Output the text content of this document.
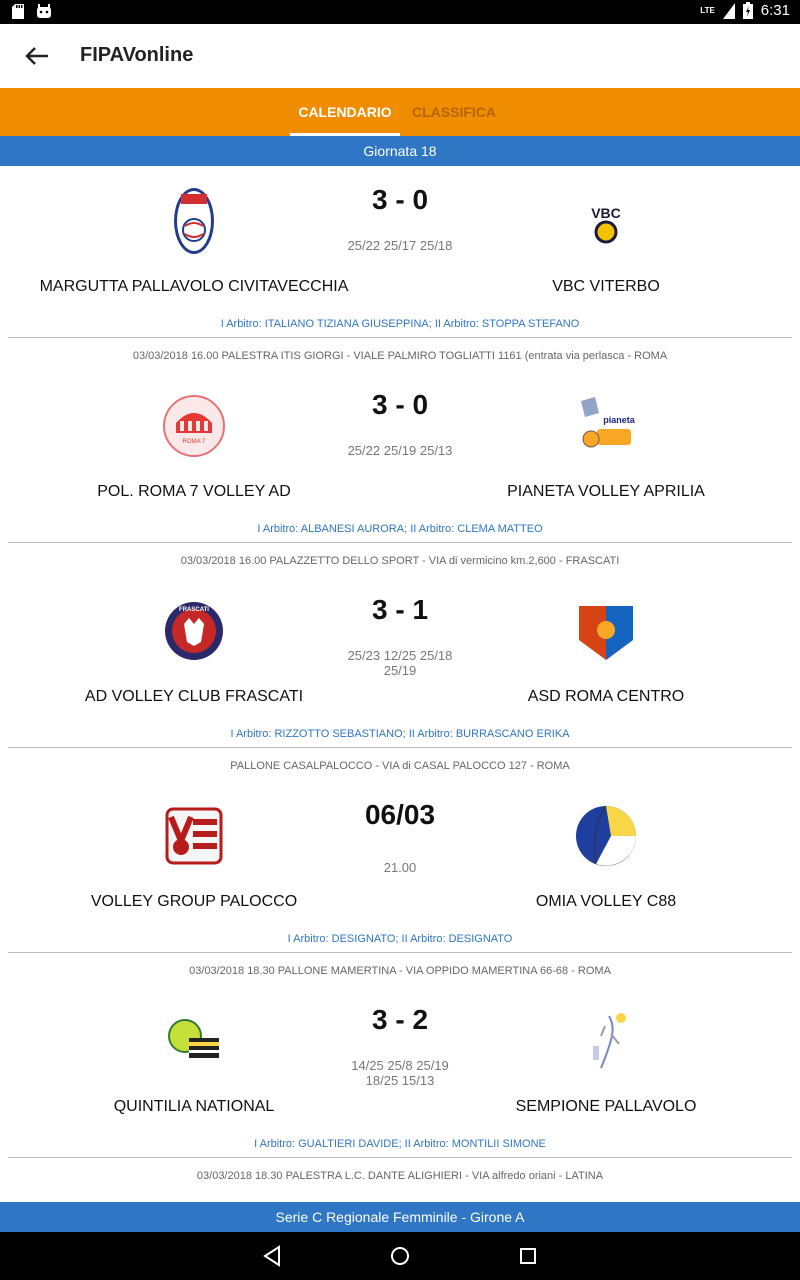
LTE	6:31
FIPAVonline
CALENDARIO	CLASSIFICA
Giornata 18
3 - 0
25/22 25/17 25/18
VBC
MARGUTTA PALLAVOLO CIVITAVECCHIA	VBC VITERBO
I Arbitro: ITALIANO TIZIANA GIUSEPPINA; II Arbitro: STOPPA STEFANO
03/03/2018 16.00 PALESTRA ITIS GIORGI - VIALE PALMIRO TOGLIATTI 1161 (entrata via perlasca - ROMA
ROMA 7
3 - 0
25/22 25/19 25/13
pianeta
POL. ROMA 7 VOLLEY AD	PIANETA VOLLEY APRILIA
I Arbitro: ALBANESI AURORA; II Arbitro: CLEMA MATTEO
03/03/2018 16.00 PALAZZETTO DELLO SPORT - VIA di vermicino km.2,600 - FRASCATI
FRASCATI	3 - 1
25/23 12/25 25/18
25/19
AD VOLLEY CLUB FRASCATI	ASD ROMA CENTRO
I Arbitro: RIZZOTTO SEBASTIANO; II Arbitro: BURRASCANO ERIKA
PALLONE CASALPALOCCO - VIA di CASAL PALOCCO 127 - ROMA
06/03
21.00
VOLLEY GROUP PALOCCO	OMIA VOLLEY C88
I Arbitro: DESIGNATO; II Arbitro: DESIGNATO
03/03/2018 18.30 PALLONE MAMERTINA - VIA OPPIDO MAMERTINA 66-68 - ROMA
3 - 2
14/25 25/8 25/19
18/25 15/13
QUINTILIA NATIONAL	SEMPIONE PALLAVOLO
I Arbitro: GUALTIERI DAVIDE; II Arbitro: MONTILII SIMONE
03/03/2018 18.30 PALESTRA L.C. DANTE ALIGHIERI - VIA alfredo oriani - LATINA
Serie C Regionale Femminile - Girone A
